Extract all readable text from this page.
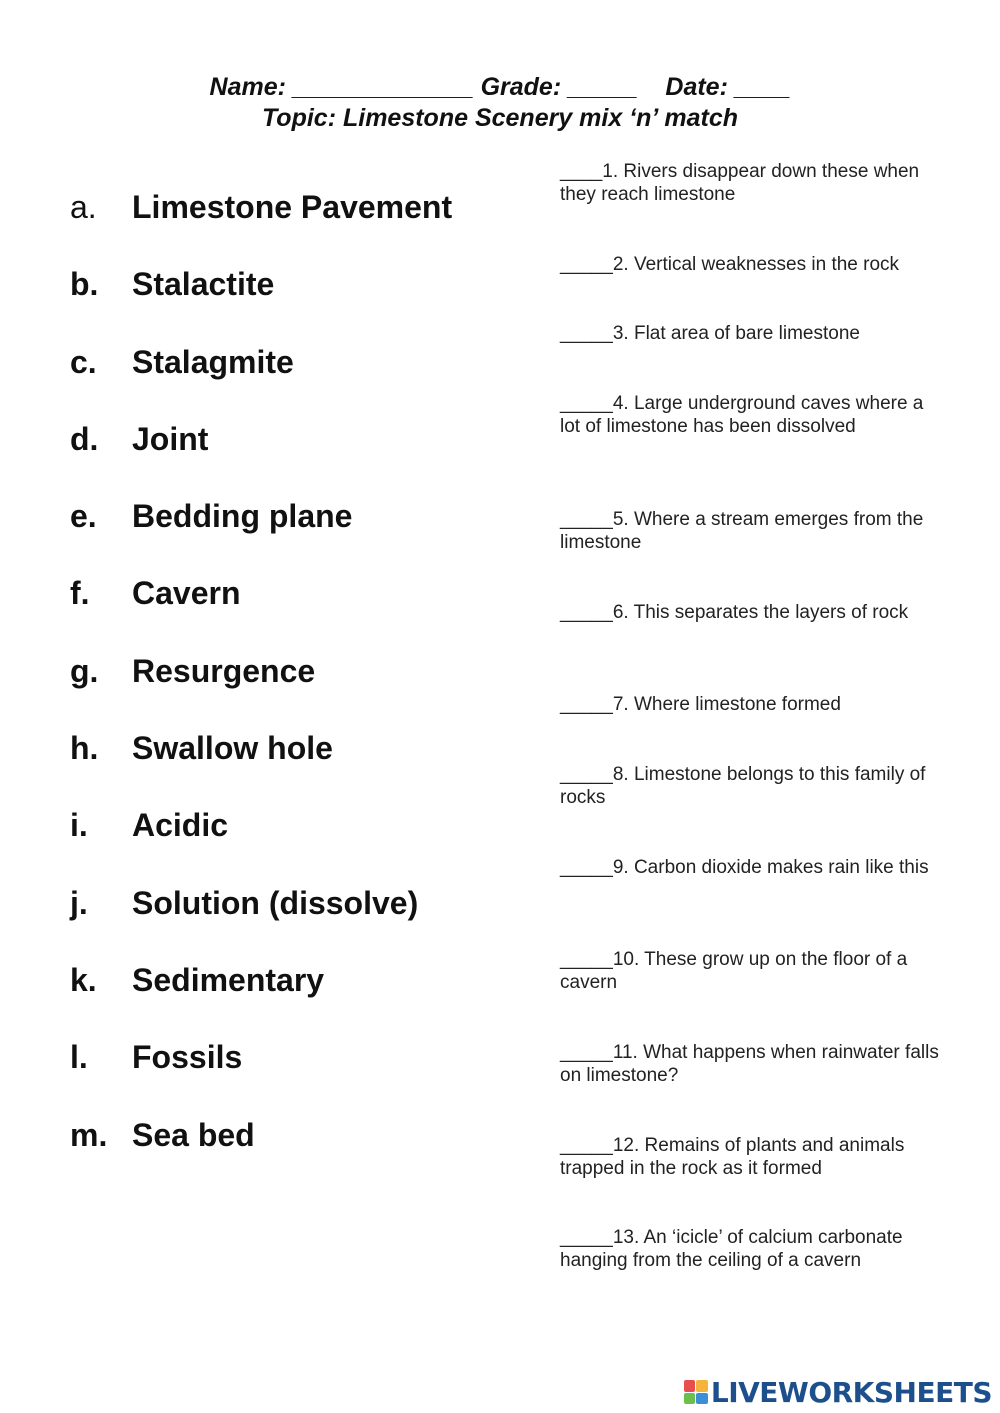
Name: _____________ Grade: _____    Date: ____
Topic: Limestone Scenery mix ‘n’ match
a.	Limestone Pavement
b.	Stalactite
c.	Stalagmite
d.	Joint
e.	Bedding plane
f.	Cavern
g.	Resurgence
h.	Swallow hole
i.	Acidic
j.	Solution (dissolve)
k.	Sedimentary
l.	Fossils
m. Sea bed
____1. Rivers disappear down these when they reach limestone
_____2. Vertical weaknesses in the rock
_____3. Flat area of bare limestone
_____4. Large underground caves where a lot of limestone has been dissolved
_____5. Where a stream emerges from the limestone
_____6. This separates the layers of rock
_____7. Where limestone formed
_____8. Limestone belongs to this family of rocks
_____9. Carbon dioxide makes rain like this
_____10. These grow up on the floor of a cavern
_____11. What happens when rainwater falls on limestone?
_____12. Remains of plants and animals trapped in the rock as it formed
_____13. An ‘icicle’ of calcium carbonate hanging from the ceiling of a cavern
LIVEWORKSHEETS
